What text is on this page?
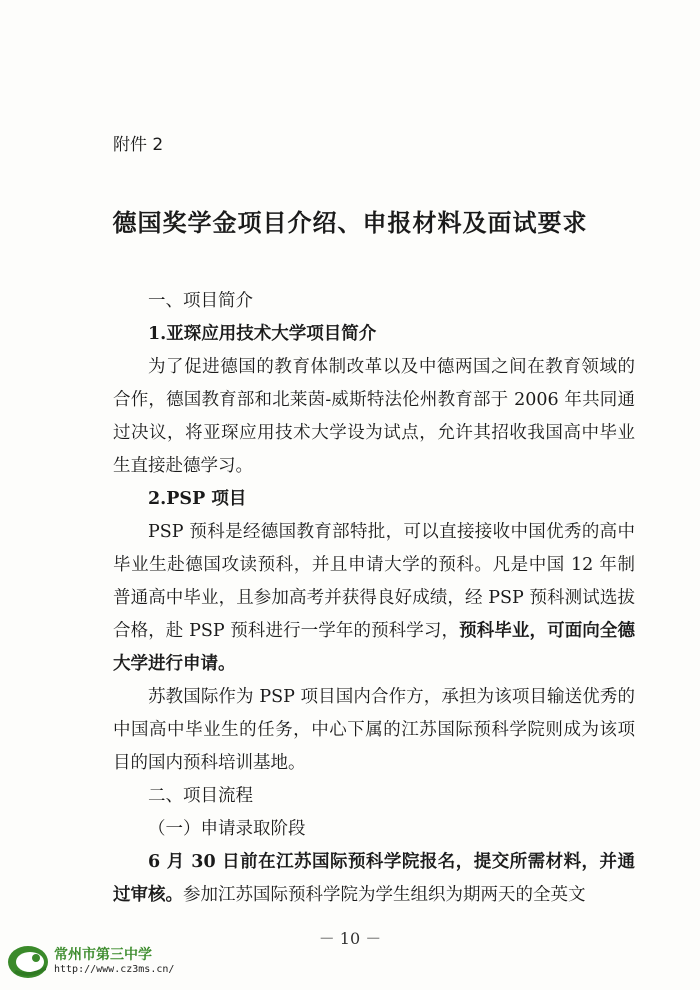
附件 2
德国奖学金项目介绍、申报材料及面试要求
一、项目简介
1.亚琛应用技术大学项目简介

为了促进德国的教育体制改革以及中德两国之间在教育领域的合作，德国教育部和北莱茵-威斯特法伦州教育部于 2006 年共同通过决议，将亚琛应用技术大学设为试点，允许其招收我国高中毕业生直接赴德学习。

2.PSP 项目

PSP 预科是经德国教育部特批，可以直接接收中国优秀的高中毕业生赴德国攻读预科，并且申请大学的预科。凡是中国 12 年制普通高中毕业，且参加高考并获得良好成绩，经 PSP 预科测试选拔合格，赴 PSP 预科进行一学年的预科学习，预科毕业，可面向全德大学进行申请。

苏教国际作为 PSP 项目国内合作方，承担为该项目输送优秀的中国高中毕业生的任务，中心下属的江苏国际预科学院则成为该项目的国内预科培训基地。

二、项目流程
（一）申请录取阶段

6 月 30 日前在江苏国际预科学院报名，提交所需材料，并通过审核。参加江苏国际预科学院为学生组织为期两天的全英文

－ 10 －
常州市第三中学
http://www.cz3ms.cn/
